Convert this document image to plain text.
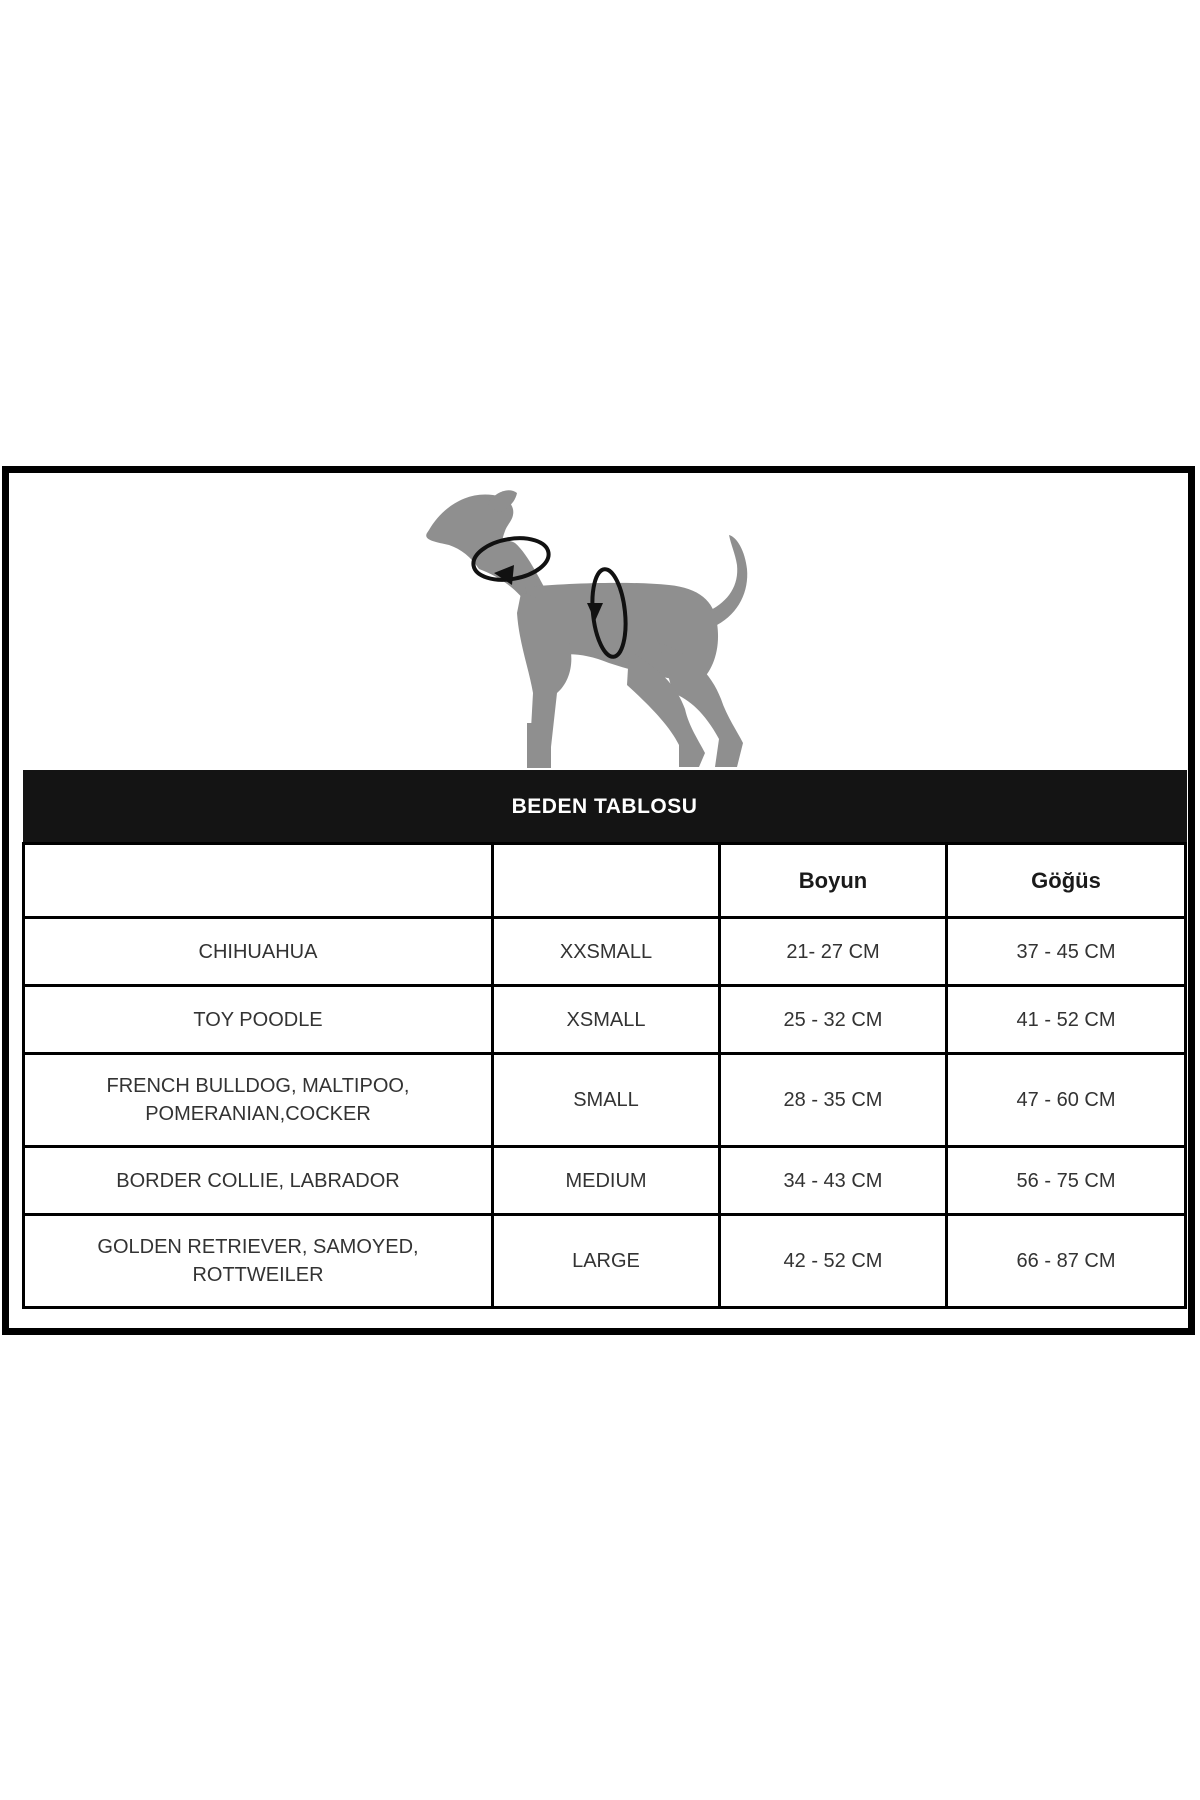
BEDEN TABLOSU			
		Boyun	Göğüs
CHIHUAHUA	XXSMALL	21- 27 CM	37 - 45 CM
TOY POODLE	XSMALL	25 - 32 CM	41 - 52 CM
FRENCH BULLDOG, MALTIPOO, POMERANIAN,COCKER	SMALL	28 - 35 CM	47 - 60 CM
BORDER COLLIE, LABRADOR	MEDIUM	34 - 43 CM	56 - 75 CM
GOLDEN RETRIEVER, SAMOYED, ROTTWEILER	LARGE	42 - 52 CM	66 - 87 CM
